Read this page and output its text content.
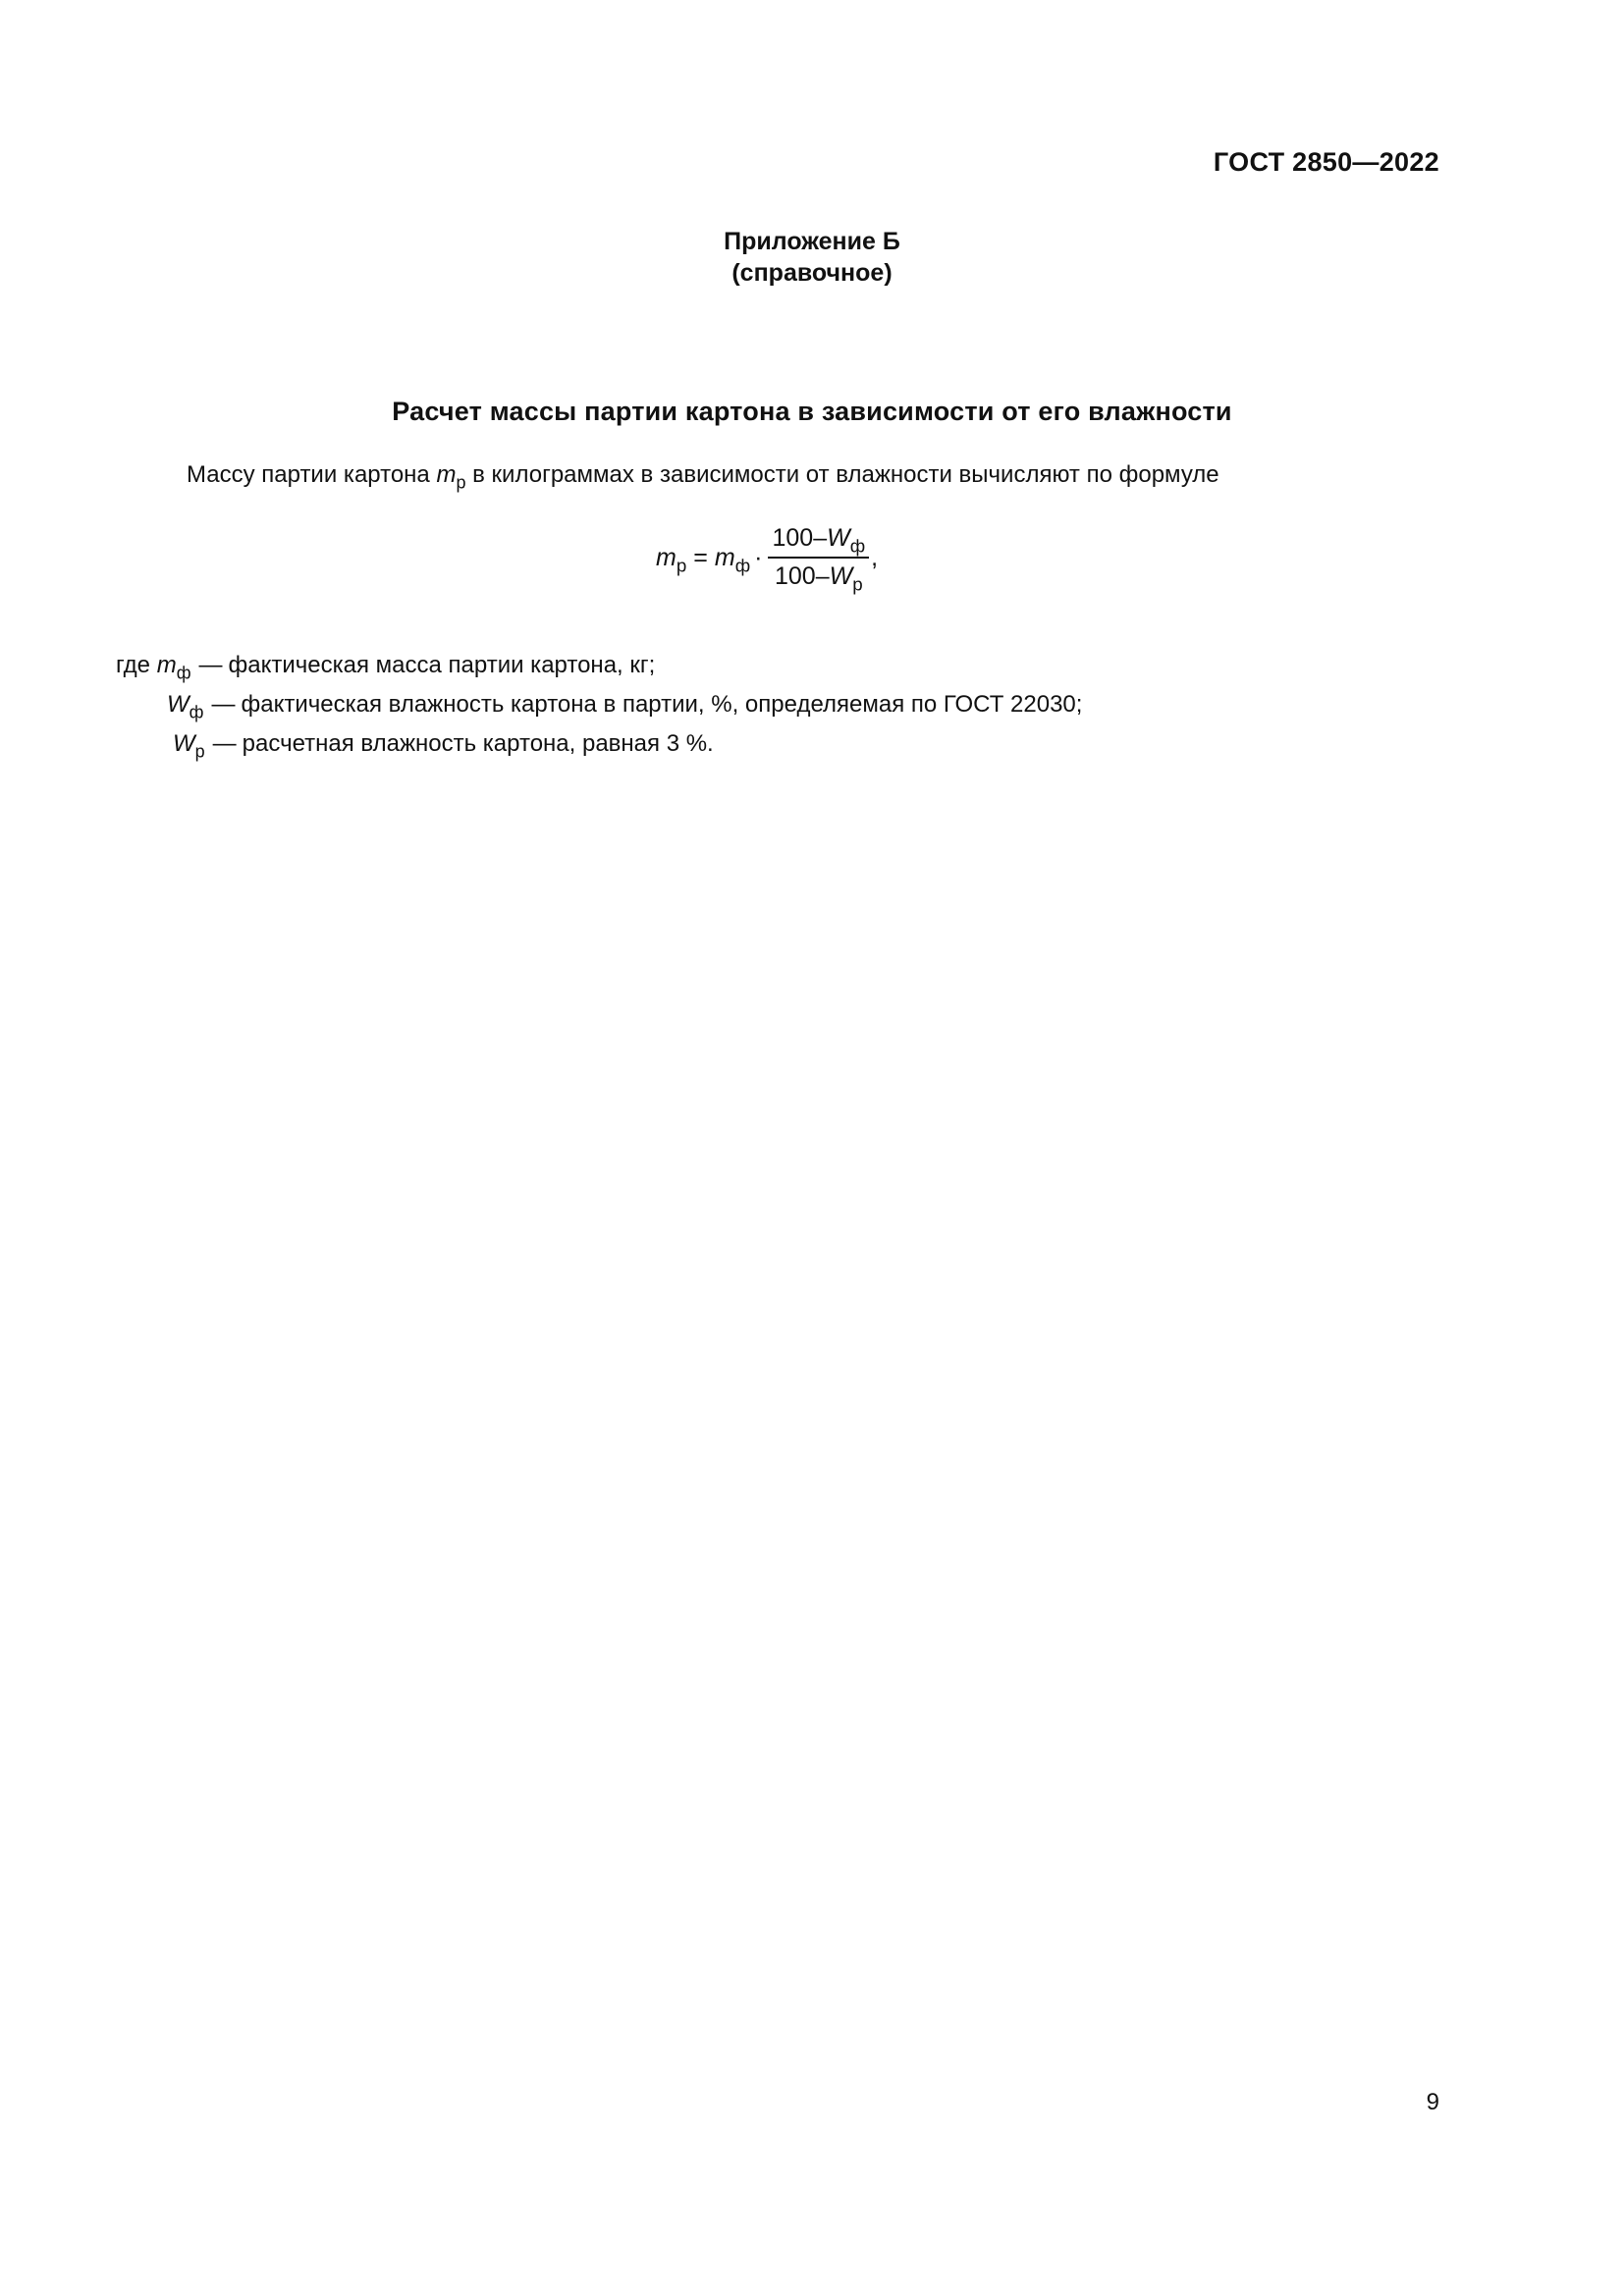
ГОСТ 2850—2022
Приложение Б
(справочное)
Расчет массы партии картона в зависимости от его влажности
Массу партии картона $m_р$ в килограммах в зависимости от влажности вычисляют по формуле
$m_р = m_ф \cdot \frac{100-W_ф}{100-W_р}$ ,
где $m_ф$ — фактическая масса партии картона, кг;
$W_ф$ — фактическая влажность картона в партии, %, определяемая по ГОСТ 22030;
$W_р$ — расчетная влажность картона, равная 3 %.
9
